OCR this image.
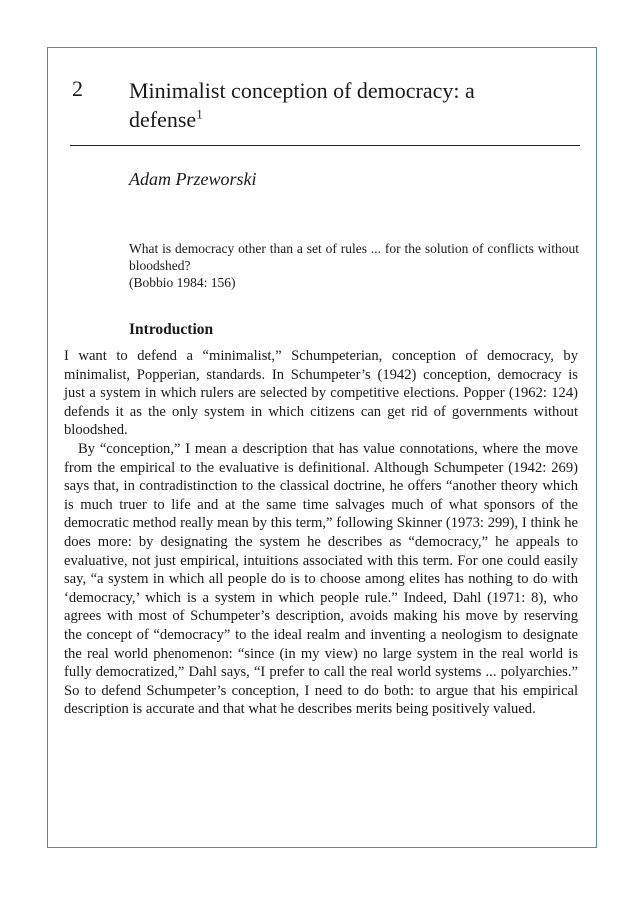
2 Minimalist conception of democracy: a defense$^1$
Adam Przeworski

What is democracy other than a set of rules ... for the solution of conflicts without bloodshed?

(Bobbio 1984: 156)

Introduction

I want to defend a “minimalist,” Schumpeterian, conception of democracy, by minimalist, Popperian, standards. In Schumpeter’s (1942) conception, democracy is just a system in which rulers are selected by competitive elections. Popper (1962: 124) defends it as the only system in which citizens can get rid of governments without bloodshed.

By “conception,” I mean a description that has value connotations, where the move from the empirical to the evaluative is definitional. Although Schumpeter (1942: 269) says that, in contradistinction to the classical doctrine, he offers “another theory which is much truer to life and at the same time salvages much of what sponsors of the democratic method really mean by this term,” following Skinner (1973: 299), I think he does more: by designating the system he describes as “democracy,” he appeals to evaluative, not just empirical, intuitions associated with this term. For one could easily say, “a system in which all people do is to choose among elites has nothing to do with ‘democracy,’ which is a system in which people rule.” Indeed, Dahl (1971: 8), who agrees with most of Schumpeter’s description, avoids making his move by reserving the concept of “democracy” to the ideal realm and inventing a neologism to designate the real world phenomenon: “since (in my view) no large system in the real world is fully democratized,” Dahl says, “I prefer to call the real world systems ... polyarchies.” So to defend Schumpeter’s conception, I need to do both: to argue that his empirical description is accurate and that what he describes merits being positively valued.
